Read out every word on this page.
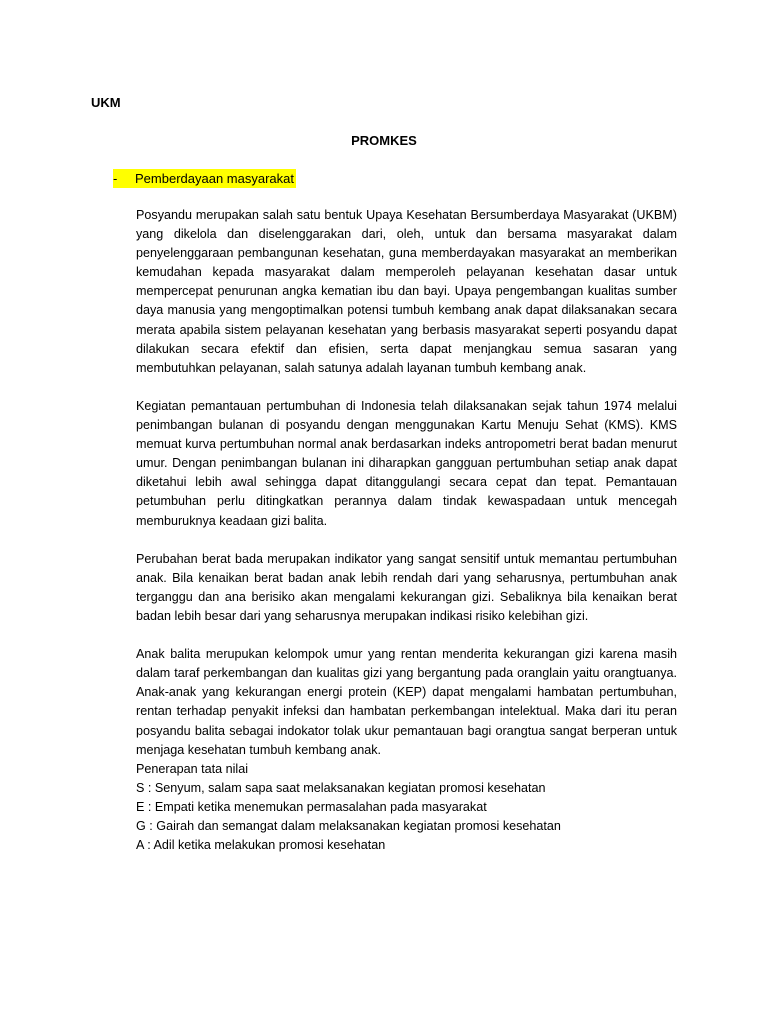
UKM
PROMKES
-	Pemberdayaan masyarakat

Posyandu merupakan salah satu bentuk Upaya Kesehatan Bersumberdaya Masyarakat (UKBM) yang dikelola dan diselenggarakan dari, oleh, untuk dan bersama masyarakat dalam penyelenggaraan pembangunan kesehatan, guna memberdayakan masyarakat an memberikan kemudahan kepada masyarakat dalam memperoleh pelayanan kesehatan dasar untuk mempercepat penurunan angka kematian ibu dan bayi. Upaya pengembangan kualitas sumber daya manusia yang mengoptimalkan potensi tumbuh kembang anak dapat dilaksanakan secara merata apabila sistem pelayanan kesehatan yang berbasis masyarakat seperti posyandu dapat dilakukan secara efektif dan efisien, serta dapat menjangkau semua sasaran yang membutuhkan pelayanan, salah satunya adalah layanan tumbuh kembang anak.

Kegiatan pemantauan pertumbuhan di Indonesia telah dilaksanakan sejak tahun 1974 melalui penimbangan bulanan di posyandu dengan menggunakan Kartu Menuju Sehat (KMS). KMS memuat kurva pertumbuhan normal anak berdasarkan indeks antropometri berat badan menurut umur. Dengan penimbangan bulanan ini diharapkan gangguan pertumbuhan setiap anak dapat diketahui lebih awal sehingga dapat ditanggulangi secara cepat dan tepat. Pemantauan petumbuhan perlu ditingkatkan perannya dalam tindak kewaspadaan untuk mencegah memburuknya keadaan gizi balita.

Perubahan berat bada merupakan indikator yang sangat sensitif untuk memantau pertumbuhan anak. Bila kenaikan berat badan anak lebih rendah dari yang seharusnya, pertumbuhan anak terganggu dan ana berisiko akan mengalami kekurangan gizi. Sebaliknya bila kenaikan berat badan lebih besar dari yang seharusnya merupakan indikasi risiko kelebihan gizi.

Anak balita merupukan kelompok umur yang rentan menderita kekurangan gizi karena masih dalam taraf perkembangan dan kualitas gizi yang bergantung pada oranglain yaitu orangtuanya. Anak-anak yang kekurangan energi protein (KEP) dapat mengalami hambatan pertumbuhan, rentan terhadap penyakit infeksi dan hambatan perkembangan intelektual. Maka dari itu peran posyandu balita sebagai indokator tolak ukur pemantauan bagi orangtua sangat berperan untuk menjaga kesehatan tumbuh kembang anak.

Penerapan tata nilai

S : Senyum, salam sapa saat melaksanakan kegiatan promosi kesehatan

E : Empati ketika menemukan permasalahan pada masyarakat

G : Gairah dan semangat dalam melaksanakan kegiatan promosi kesehatan

A : Adil ketika melakukan promosi kesehatan
